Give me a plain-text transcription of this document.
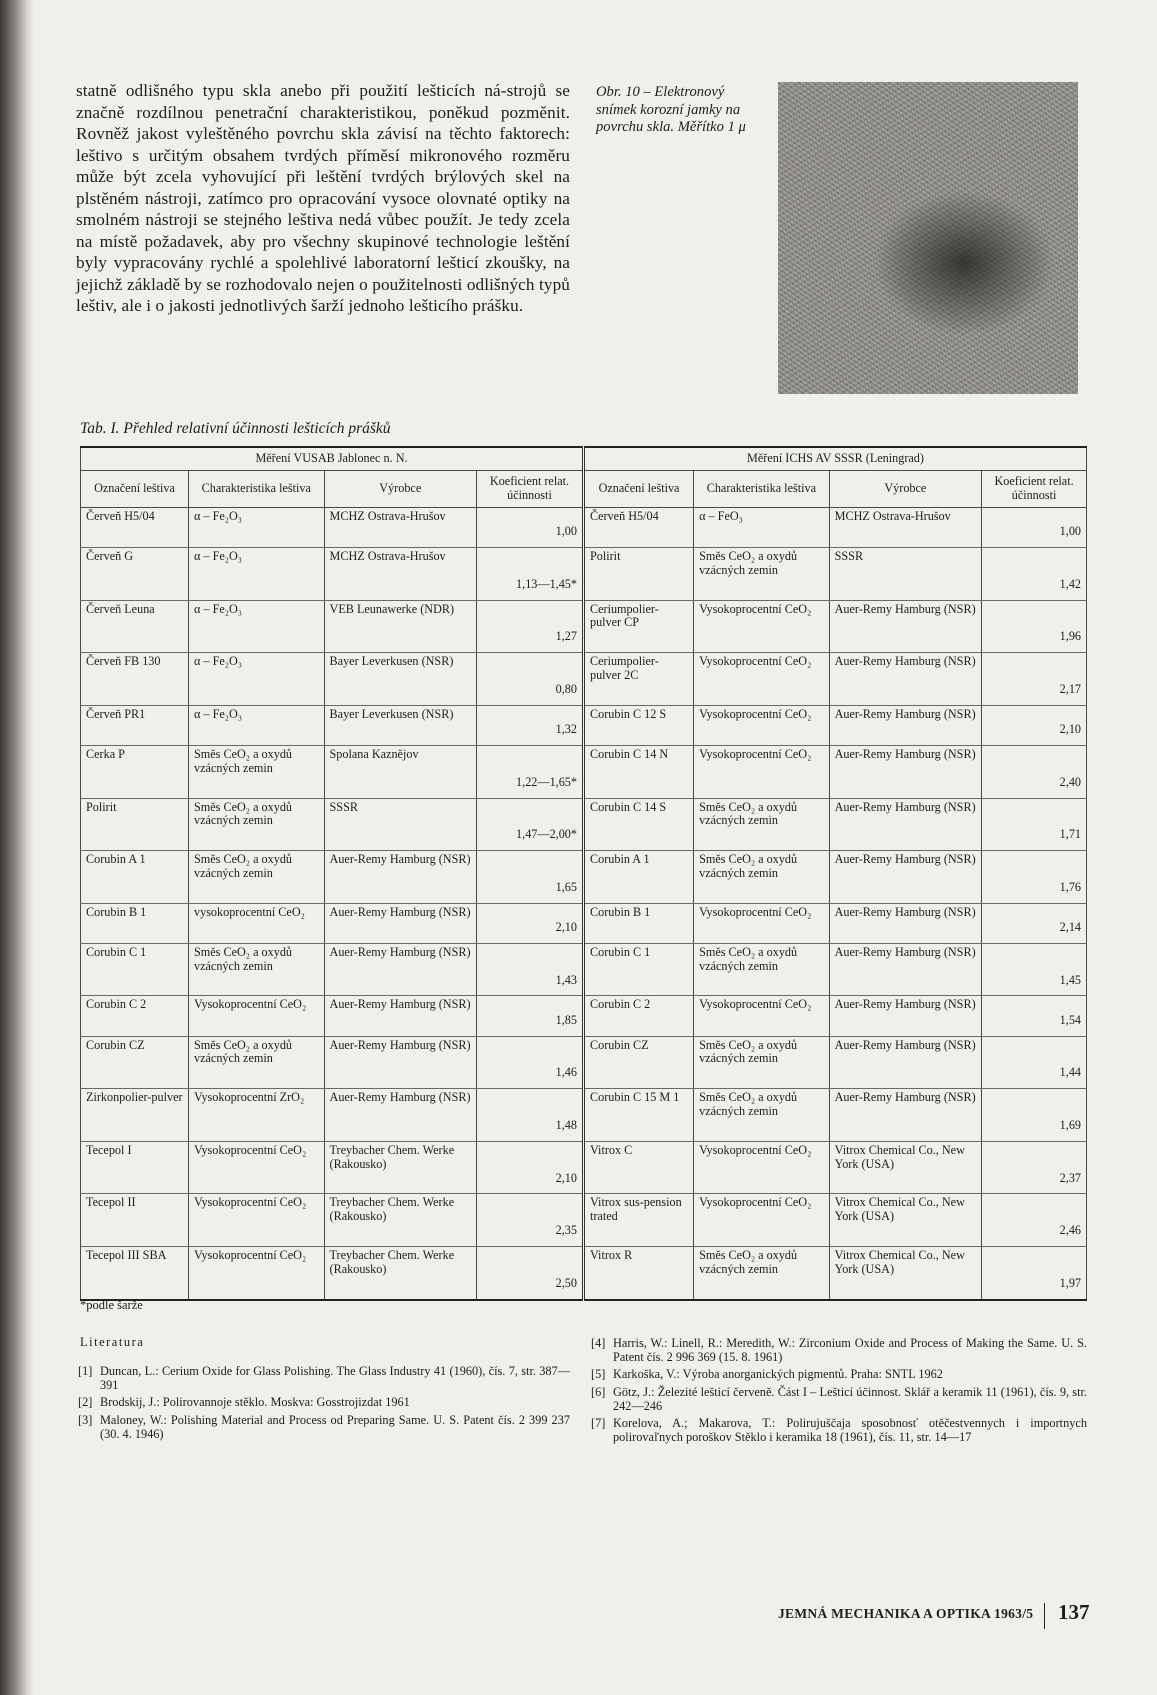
statně odlišného typu skla anebo při použití lešticích ná-strojů se značně rozdílnou penetrační charakteristikou, poněkud pozměnit. Rovněž jakost vyleštěného povrchu skla závisí na těchto faktorech: leštivo s určitým obsahem tvrdých příměsí mikronového rozměru může být zcela vyhovující při leštění tvrdých brýlových skel na plstěném nástroji, zatímco pro opracování vysoce olovnaté optiky na smolném nástroji se stejného leštiva nedá vůbec použít. Je tedy zcela na místě požadavek, aby pro všechny skupinové technologie leštění byly vypracovány rychlé a spolehlivé laboratorní lešticí zkoušky, na jejichž základě by se rozhodovalo nejen o použitelnosti odlišných typů leštiv, ale i o jakosti jednotlivých šarží jednoho lešticího prášku.

Obr. 10 – Elektronový snímek korozní jamky na povrchu skla. Měřítko 1 μ

Tab. I. Přehled relativní účinnosti lešticích prášků

Měření VUSAB Jablonec n. N.				Měření ICHS AV SSSR (Leningrad)			
Označení leštiva	Charakteristika leštiva	Výrobce	Koeficient relat. účinnosti	Označení leštiva	Charakteristika leštiva	Výrobce	Koeficient relat. účinnosti
Červeň H5/04	α – Fe₂O₃	MCHZ Ostrava-Hrušov	1,00	Červeň H5/04	α – FeO₃	MCHZ Ostrava-Hrušov	1,00
Červeň G	α – Fe₂O₃	MCHZ Ostrava-Hrušov	1,13—1,45*	Polirit	Směs CeO₂ a oxydů vzácných zemin	SSSR	1,42
Červeň Leuna	α – Fe₂O₃	VEB Leunawerke (NDR)	1,27	Ceriumpolier-pulver CP	Vysokoprocentní CeO₂	Auer-Remy Hamburg (NSR)	1,96
Červeň FB 130	α – Fe₂O₃	Bayer Leverkusen (NSR)	0,80	Ceriumpolier-pulver 2C	Vysokoprocentní CeO₂	Auer-Remy Hamburg (NSR)	2,17
Červeň PR1	α – Fe₂O₃	Bayer Leverkusen (NSR)	1,32	Corubin C 12 S	Vysokoprocentní CeO₂	Auer-Remy Hamburg (NSR)	2,10
Cerka P	Směs CeO₂ a oxydů vzácných zemin	Spolana Kaznějov	1,22—1,65*	Corubin C 14 N	Vysokoprocentní CeO₂	Auer-Remy Hamburg (NSR)	2,40
Polirit	Směs CeO₂ a oxydů vzácných zemin	SSSR	1,47—2,00*	Corubin C 14 S	Směs CeO₂ a oxydů vzácných zemin	Auer-Remy Hamburg (NSR)	1,71
Corubin A 1	Směs CeO₂ a oxydů vzácných zemin	Auer-Remy Hamburg (NSR)	1,65	Corubin A 1	Směs CeO₂ a oxydů vzácných zemin	Auer-Remy Hamburg (NSR)	1,76
Corubin B 1	vysokoprocentní CeO₂	Auer-Remy Hamburg (NSR)	2,10	Corubin B 1	Vysokoprocentní CeO₂	Auer-Remy Hamburg (NSR)	2,14
Corubin C 1	Směs CeO₂ a oxydů vzácných zemin	Auer-Remy Hamburg (NSR)	1,43	Corubin C 1	Směs CeO₂ a oxydů vzácných zemin	Auer-Remy Hamburg (NSR)	1,45
Corubin C 2	Vysokoprocentní CeO₂	Auer-Remy Hamburg (NSR)	1,85	Corubin C 2	Vysokoprocentní CeO₂	Auer-Remy Hamburg (NSR)	1,54
Corubin CZ	Směs CeO₂ a oxydů vzácných zemin	Auer-Remy Hamburg (NSR)	1,46	Corubin CZ	Směs CeO₂ a oxydů vzácných zemin	Auer-Remy Hamburg (NSR)	1,44
Zirkonpolier-pulver	Vysokoprocentní ZrO₂	Auer-Remy Hamburg (NSR)	1,48	Corubin C 15 M 1	Směs CeO₂ a oxydů vzácných zemin	Auer-Remy Hamburg (NSR)	1,69
Tecepol I	Vysokoprocentní CeO₂	Treybacher Chem. Werke (Rakousko)	2,10	Vitrox C	Vysokoprocentní CeO₂	Vitrox Chemical Co., New York (USA)	2,37
Tecepol II	Vysokoprocentní CeO₂	Treybacher Chem. Werke (Rakousko)	2,35	Vitrox sus-pension trated	Vysokoprocentní CeO₂	Vitrox Chemical Co., New York (USA)	2,46
Tecepol III SBA	Vysokoprocentní CeO₂	Treybacher Chem. Werke (Rakousko)	2,50	Vitrox R	Směs CeO₂ a oxydů vzácných zemin	Vitrox Chemical Co., New York (USA)	1,97

*podle šarže

Literatura

[1] Duncan, L.: Cerium Oxide for Glass Polishing. The Glass Industry 41 (1960), čís. 7, str. 387—391
[2] Brodskij, J.: Polirovannoje stěklo. Moskva: Gosstrojizdat 1961
[3] Maloney, W.: Polishing Material and Process od Preparing Same. U. S. Patent čís. 2 399 237 (30. 4. 1946)
[4] Harris, W.: Linell, R.: Meredith, W.: Zirconium Oxide and Process of Making the Same. U. S. Patent čís. 2 996 369 (15. 8. 1961)
[5] Karkoška, V.: Výroba anorganických pigmentů. Praha: SNTL 1962
[6] Götz, J.: Železité lešticí červeně. Část I – Lešticí účinnost. Sklář a keramik 11 (1961), čís. 9, str. 242—246
[7] Korelova, A.; Makarova, T.: Polirujuščaja sposobnosť otěčestvennych i importnych polirovaľnych poroškov Stěklo i keramika 18 (1961), čís. 11, str. 14—17

JEMNÁ MECHANIKA A OPTIKA 1963/5 137
